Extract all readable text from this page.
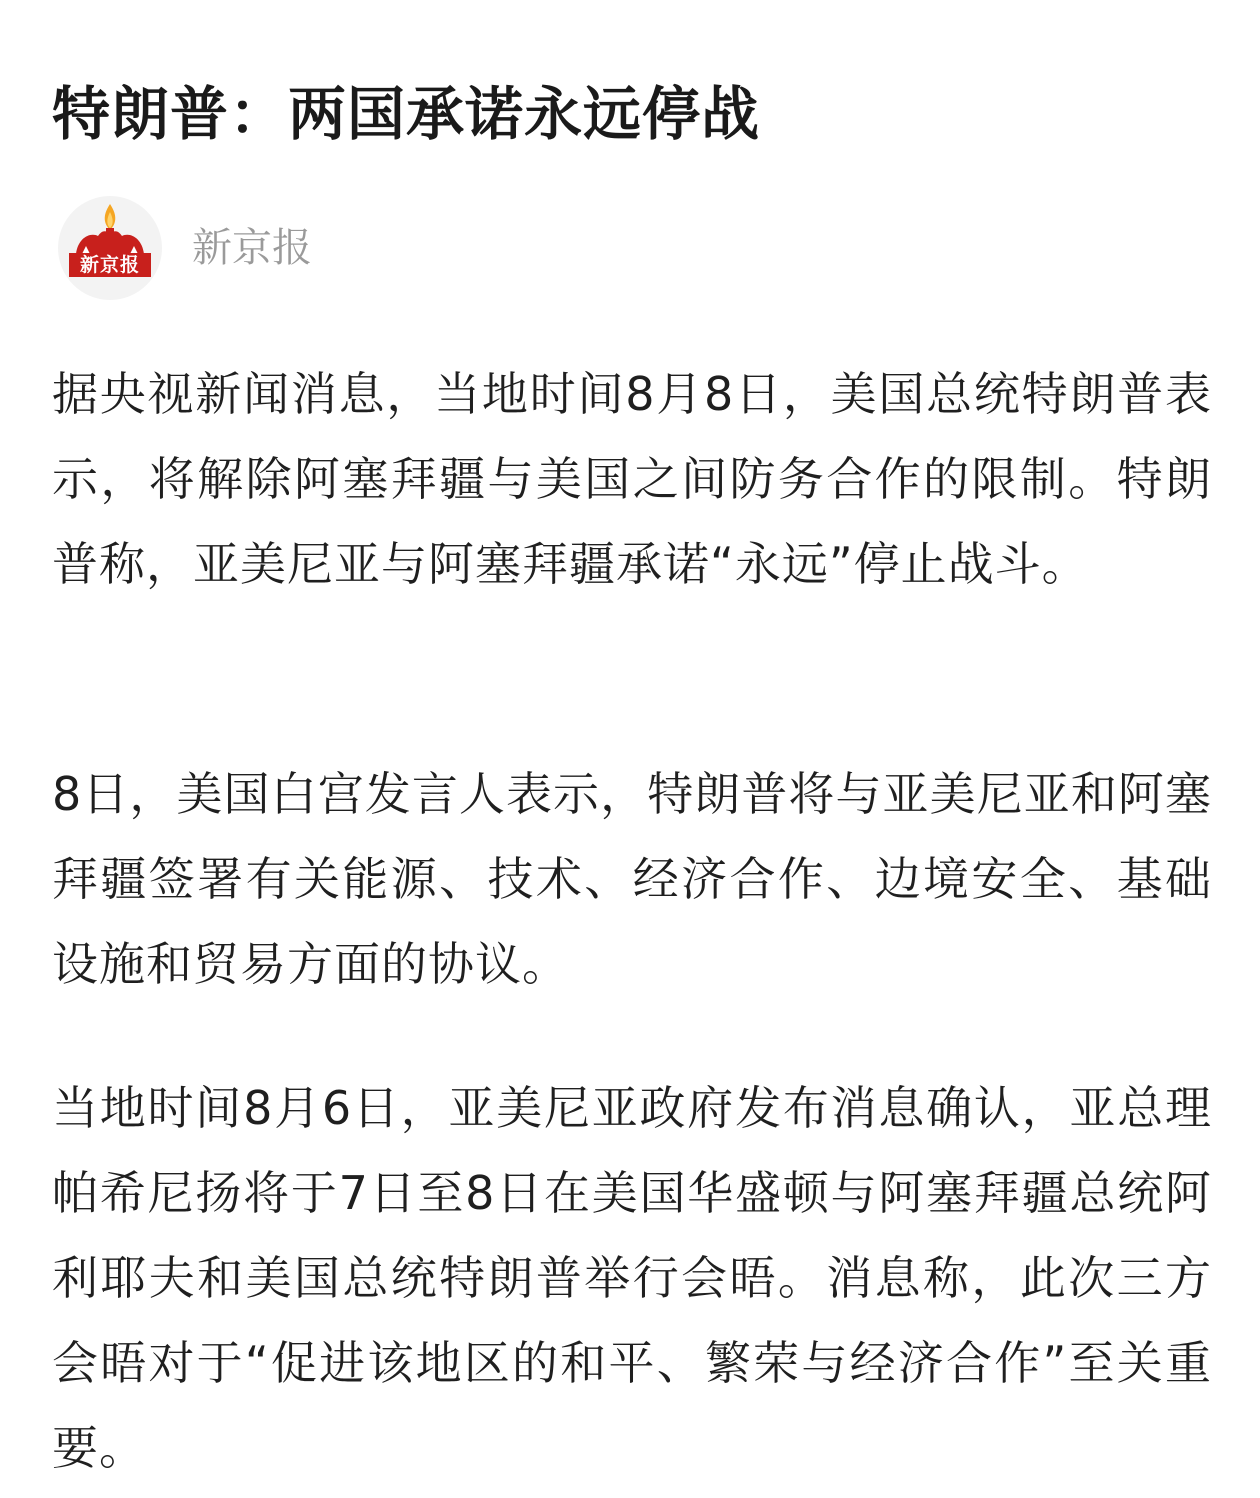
特朗普：两国承诺永远停战
新京报 新京报

据央视新闻消息，当地时间8月8日，美国总统特朗普表示，将解除阿塞拜疆与美国之间防务合作的限制。特朗普称，亚美尼亚与阿塞拜疆承诺“永远”停止战斗。

8日，美国白宫发言人表示，特朗普将与亚美尼亚和阿塞拜疆签署有关能源、技术、经济合作、边境安全、基础设施和贸易方面的协议。

当地时间8月6日，亚美尼亚政府发布消息确认，亚总理帕希尼扬将于7日至8日在美国华盛顿与阿塞拜疆总统阿利耶夫和美国总统特朗普举行会晤。消息称，此次三方会晤对于“促进该地区的和平、繁荣与经济合作”至关重要。
